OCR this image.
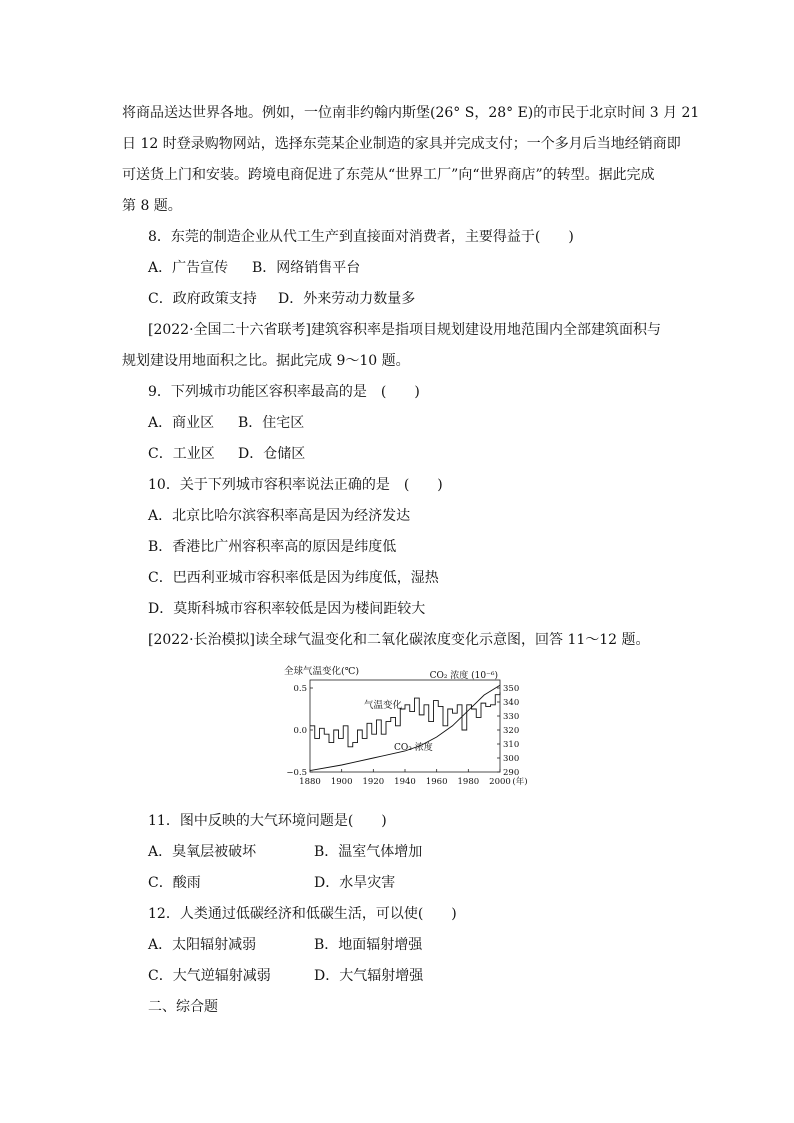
将商品送达世界各地。例如，一位南非约翰内斯堡(26° S，28° E)的市民于北京时间 3 月 21
日 12 时登录购物网站，选择东莞某企业制造的家具并完成支付；一个多月后当地经销商即
可送货上门和安装。跨境电商促进了东莞从“世界工厂”向“世界商店”的转型。据此完成
第 8 题。
8．东莞的制造企业从代工生产到直接面对消费者，主要得益于(　　)
A．广告宣传 B．网络销售平台
C．政府政策支持 D．外来劳动力数量多
[2022·全国二十六省联考]建筑容积率是指项目规划建设用地范围内全部建筑面积与
规划建设用地面积之比。据此完成 9～10 题。
9．下列城市功能区容积率最高的是　(　　)
A．商业区 B．住宅区
C．工业区 D．仓储区
10．关于下列城市容积率说法正确的是　(　　)
A．北京比哈尔滨容积率高是因为经济发达
B．香港比广州容积率高的原因是纬度低
C．巴西利亚城市容积率低是因为纬度低，湿热
D．莫斯科城市容积率较低是因为楼间距较大
[2022·长治模拟]读全球气温变化和二氧化碳浓度变化示意图，回答 11～12 题。
全球气温变化(℃)	CO₂ 浓度 (10⁻⁶)
0.5
0.0
−0.5
350
340
330
320
310
300
290
1880 1900 1920 1940 1960 1980 2000 (年)
气温变化
CO₂ 浓度
11．图中反映的大气环境问题是(　　)
A．臭氧层被破坏	B．温室气体增加
C．酸雨	D．水旱灾害
12．人类通过低碳经济和低碳生活，可以使(　　)
A．太阳辐射减弱	B．地面辐射增强
C．大气逆辐射减弱	D．大气辐射增强
二、综合题
